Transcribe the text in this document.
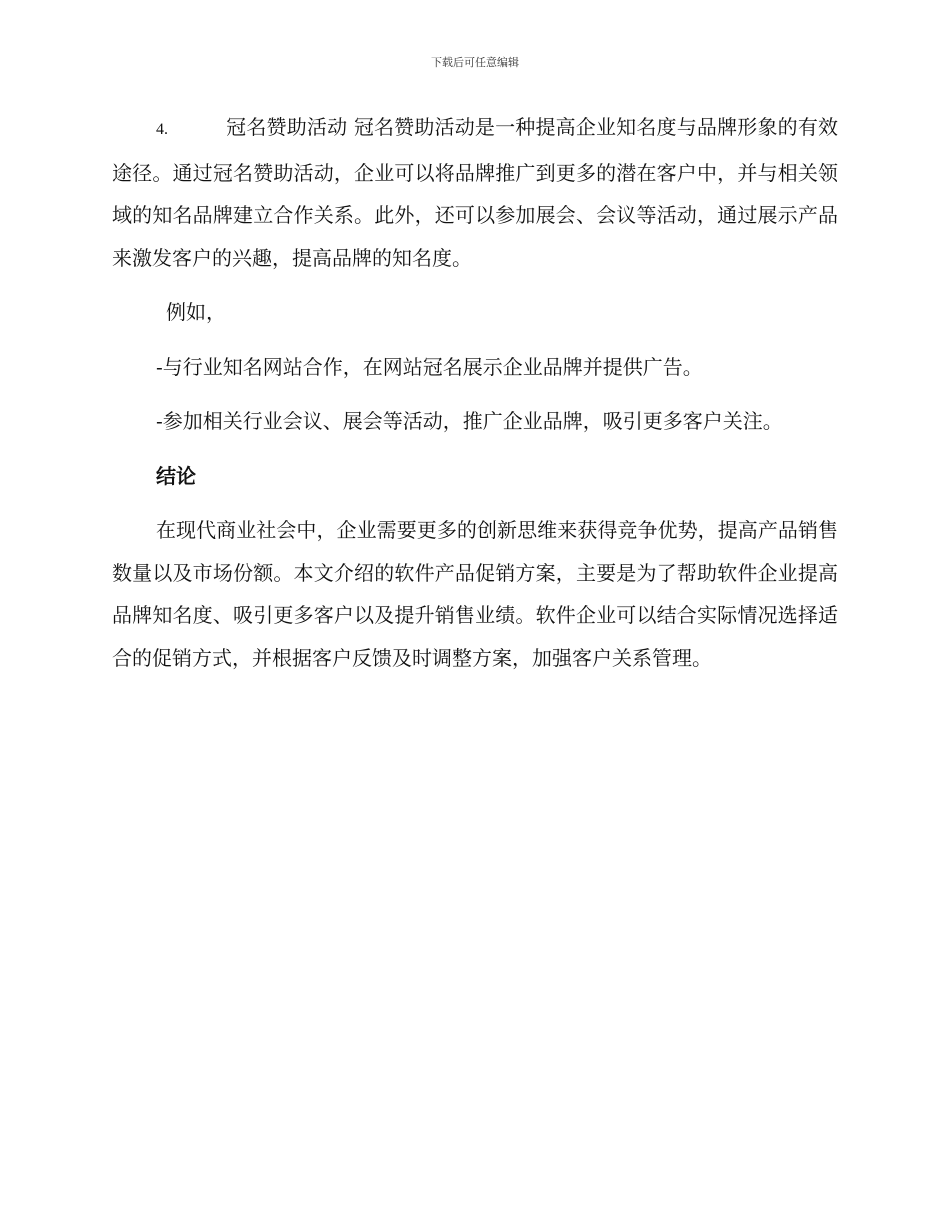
下载后可任意编辑

4.	冠名赞助活动 冠名赞助活动是一种提高企业知名度与品牌形象的有效途径。通过冠名赞助活动，企业可以将品牌推广到更多的潜在客户中，并与相关领域的知名品牌建立合作关系。此外，还可以参加展会、会议等活动，通过展示产品来激发客户的兴趣，提高品牌的知名度。

例如，

-与行业知名网站合作，在网站冠名展示企业品牌并提供广告。

-参加相关行业会议、展会等活动，推广企业品牌，吸引更多客户关注。

结论

在现代商业社会中，企业需要更多的创新思维来获得竞争优势，提高产品销售数量以及市场份额。本文介绍的软件产品促销方案，主要是为了帮助软件企业提高品牌知名度、吸引更多客户以及提升销售业绩。软件企业可以结合实际情况选择适合的促销方式，并根据客户反馈及时调整方案，加强客户关系管理。
